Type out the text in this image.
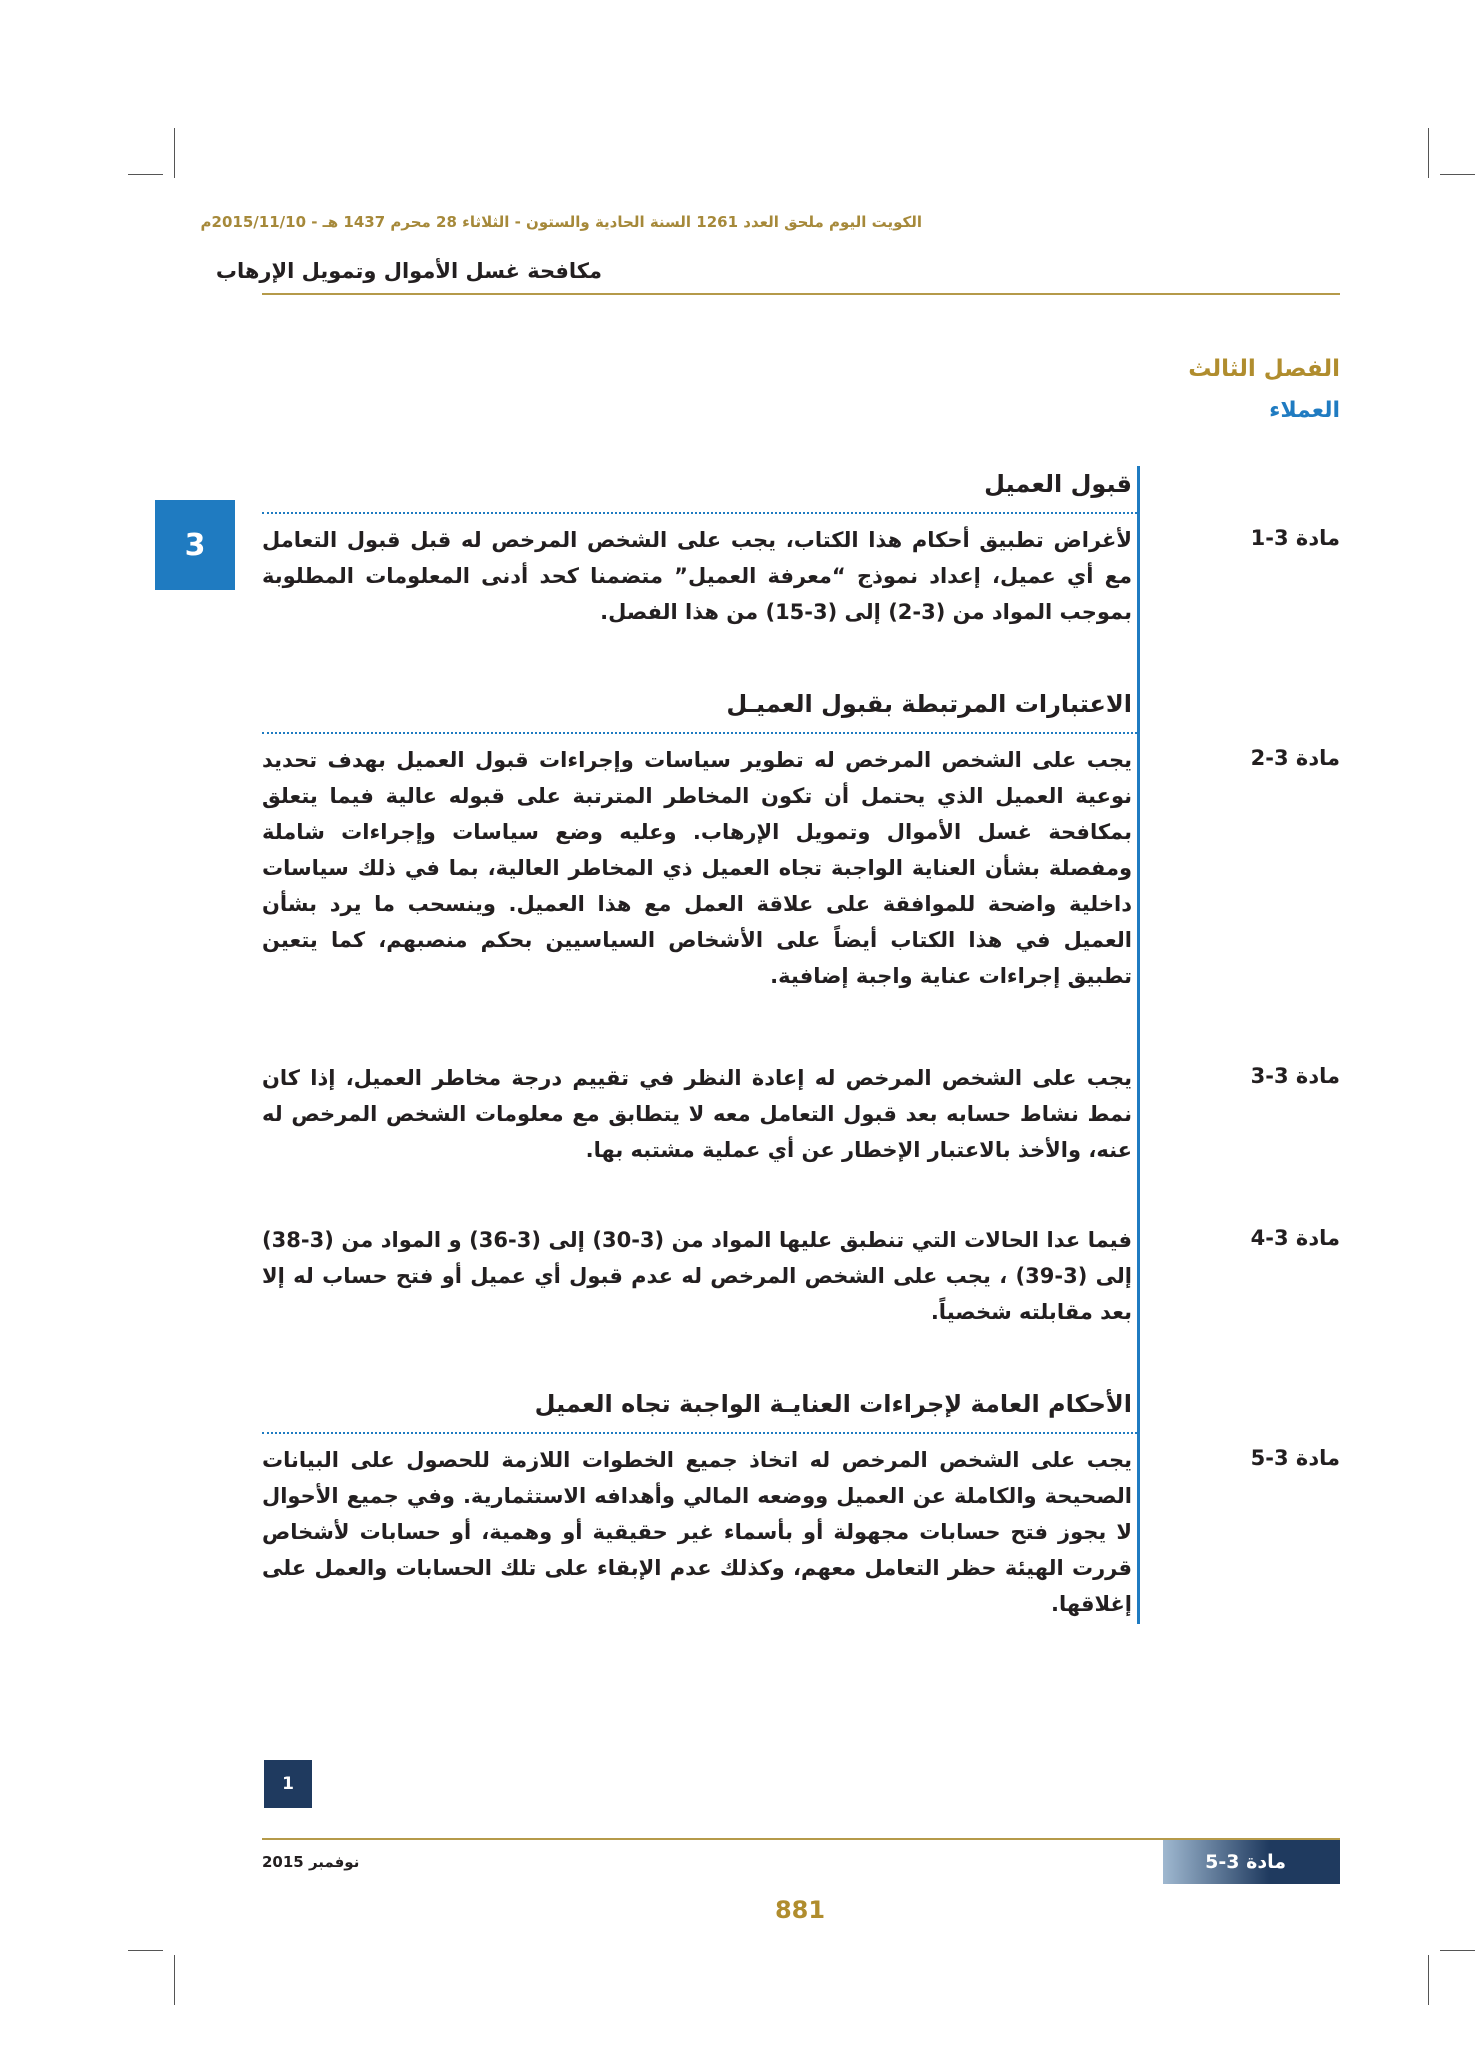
الكويت اليوم ملحق العدد 1261 السنة الحادية والستون - الثلاثاء 28 محرم 1437 هـ - 2015/11/10م
مكافحة غسل الأموال وتمويل الإرهاب
الفصل الثالث
العملاء
3
قبول العميل
مادة 3-1

لأغراض تطبيق أحكام هذا الكتاب، يجب على الشخص المرخص له قبل قبول التعامل مع أي عميل، إعداد نموذج “معرفة العميل” متضمنا كحد أدنى المعلومات المطلوبة بموجب المواد من (3-2) إلى (3-15) من هذا الفصل.

الاعتبارات المرتبطة بقبول العميـل
مادة 3-2

يجب على الشخص المرخص له تطوير سياسات وإجراءات قبول العميل بهدف تحديد نوعية العميل الذي يحتمل أن تكون المخاطر المترتبة على قبوله عالية فيما يتعلق بمكافحة غسل الأموال وتمويل الإرهاب. وعليه وضع سياسات وإجراءات شاملة ومفصلة بشأن العناية الواجبة تجاه العميل ذي المخاطر العالية، بما في ذلك سياسات داخلية واضحة للموافقة على علاقة العمل مع هذا العميل. وينسحب ما يرد بشأن العميل في هذا الكتاب أيضاً على الأشخاص السياسيين بحكم منصبهم، كما يتعين تطبيق إجراءات عناية واجبة إضافية.

مادة 3-3

يجب على الشخص المرخص له إعادة النظر في تقييم درجة مخاطر العميل، إذا كان نمط نشاط حسابه بعد قبول التعامل معه لا يتطابق مع معلومات الشخص المرخص له عنه، والأخذ بالاعتبار الإخطار عن أي عملية مشتبه بها.

مادة 3-4

فيما عدا الحالات التي تنطبق عليها المواد من (3-30) إلى (3-36) و المواد من (3-38) إلى (3-39) ، يجب على الشخص المرخص له عدم قبول أي عميل أو فتح حساب له إلا بعد مقابلته شخصياً.

الأحكام العامة لإجراءات العنايـة الواجبة تجاه العميل
مادة 3-5

يجب على الشخص المرخص له اتخاذ جميع الخطوات اللازمة للحصول على البيانات الصحيحة والكاملة عن العميل ووضعه المالي وأهدافه الاستثمارية. وفي جميع الأحوال لا يجوز فتح حسابات مجهولة أو بأسماء غير حقيقية أو وهمية، أو حسابات لأشخاص قررت الهيئة حظر التعامل معهم، وكذلك عدم الإبقاء على تلك الحسابات والعمل على إغلاقها.

1
نوفمبر 2015	مادة 3-5
881
